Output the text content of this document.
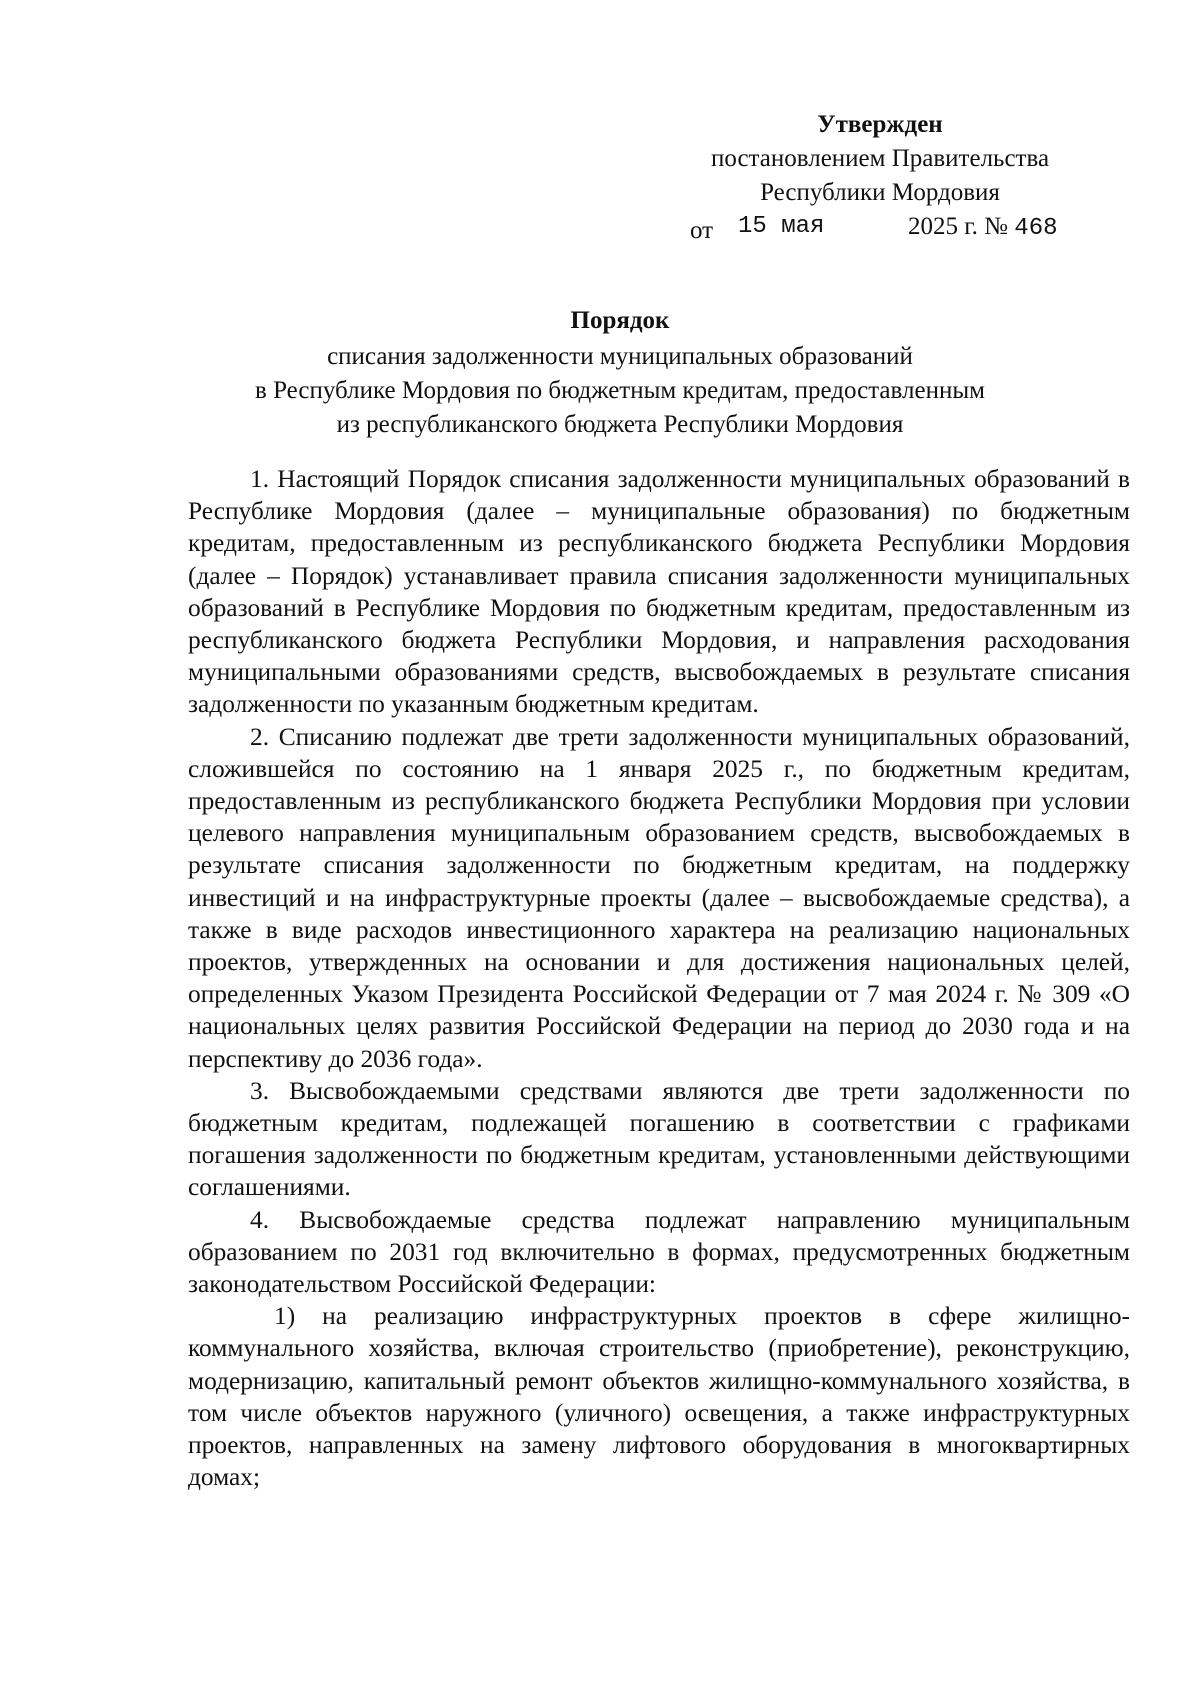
Утвержден
постановлением Правительства
Республики Мордовия
от 15 мая	2025 г. № 468
Порядок
списания задолженности муниципальных образований
в Республике Мордовия по бюджетным кредитам, предоставленным
из республиканского бюджета Республики Мордовия

1. Настоящий Порядок списания задолженности муниципальных образований в Республике Мордовия (далее – муниципальные образования) по бюджетным кредитам, предоставленным из республиканского бюджета Республики Мордовия (далее – Порядок) устанавливает правила списания задолженности муниципальных образований в Республике Мордовия по бюджетным кредитам, предоставленным из республиканского бюджета Республики Мордовия, и направления расходования муниципальными образованиями средств, высвобождаемых в результате списания задолженности по указанным бюджетным кредитам.

2. Списанию подлежат две трети задолженности муниципальных образований, сложившейся по состоянию на 1 января 2025 г., по бюджетным кредитам, предоставленным из республиканского бюджета Республики Мордовия при условии целевого направления муниципальным образованием средств, высвобождаемых в результате списания задолженности по бюджетным кредитам, на поддержку инвестиций и на инфраструктурные проекты (далее – высвобождаемые средства), а также в виде расходов инвестиционного характера на реализацию национальных проектов, утвержденных на основании и для достижения национальных целей, определенных Указом Президента Российской Федерации от 7 мая 2024 г. № 309 «О национальных целях развития Российской Федерации на период до 2030 года и на перспективу до 2036 года».

3. Высвобождаемыми средствами являются две трети задолженности по бюджетным кредитам, подлежащей погашению в соответствии с графиками погашения задолженности по бюджетным кредитам, установленными действующими соглашениями.

4. Высвобождаемые средства подлежат направлению муниципальным образованием по 2031 год включительно в формах, предусмотренных бюджетным законодательством Российской Федерации:

1) на реализацию инфраструктурных проектов в сфере жилищно-коммунального хозяйства, включая строительство (приобретение), реконструкцию, модернизацию, капитальный ремонт объектов жилищно-коммунального хозяйства, в том числе объектов наружного (уличного) освещения, а также инфраструктурных проектов, направленных на замену лифтового оборудования в многоквартирных домах;
